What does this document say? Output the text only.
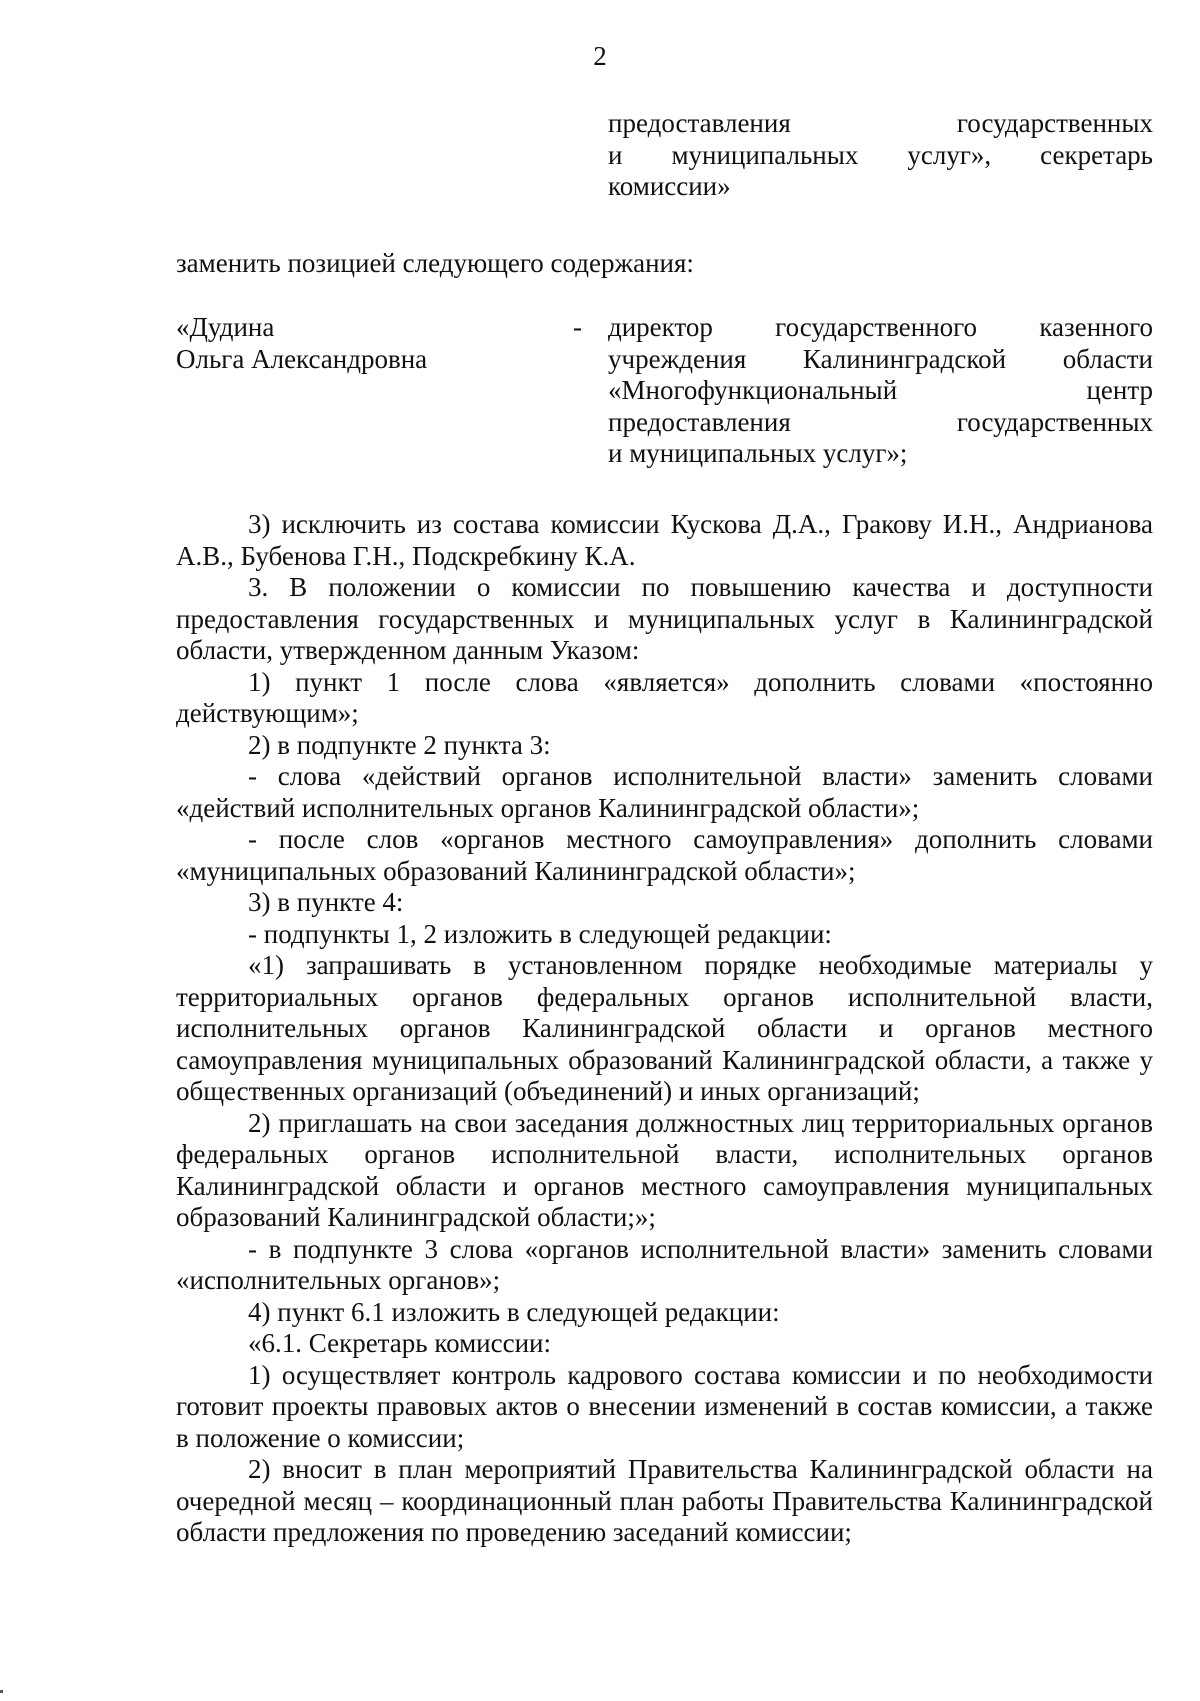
2
предоставления государственных
и муниципальных услуг», секретарь
комиссии»
заменить позицией следующего содержания:
«Дудина
Ольга Александровна
- директор государственного казенного
учреждения Калининградской области
«Многофункциональный центр
предоставления государственных
и муниципальных услуг»;
3) исключить из состава комиссии Кускова Д.А., Гракову И.Н., Андрианова А.В., Бубенова Г.Н., Подскребкину К.А.
3. В положении о комиссии по повышению качества и доступности предоставления государственных и муниципальных услуг в Калининградской области, утвержденном данным Указом:
1) пункт 1 после слова «является» дополнить словами «постоянно действующим»;
2) в подпункте 2 пункта 3:
- слова «действий органов исполнительной власти» заменить словами «действий исполнительных органов Калининградской области»;
- после слов «органов местного самоуправления» дополнить словами «муниципальных образований Калининградской области»;
3) в пункте 4:
- подпункты 1, 2 изложить в следующей редакции:
«1) запрашивать в установленном порядке необходимые материалы у территориальных органов федеральных органов исполнительной власти, исполнительных органов Калининградской области и органов местного самоуправления муниципальных образований Калининградской области, а также у общественных организаций (объединений) и иных организаций;
2) приглашать на свои заседания должностных лиц территориальных органов федеральных органов исполнительной власти, исполнительных органов Калининградской области и органов местного самоуправления муниципальных образований Калининградской области;»;
- в подпункте 3 слова «органов исполнительной власти» заменить словами «исполнительных органов»;
4) пункт 6.1 изложить в следующей редакции:
«6.1. Секретарь комиссии:
1) осуществляет контроль кадрового состава комиссии и по необходимости готовит проекты правовых актов о внесении изменений в состав комиссии, а также в положение о комиссии;
2) вносит в план мероприятий Правительства Калининградской области на очередной месяц – координационный план работы Правительства Калининградской области предложения по проведению заседаний комиссии;
